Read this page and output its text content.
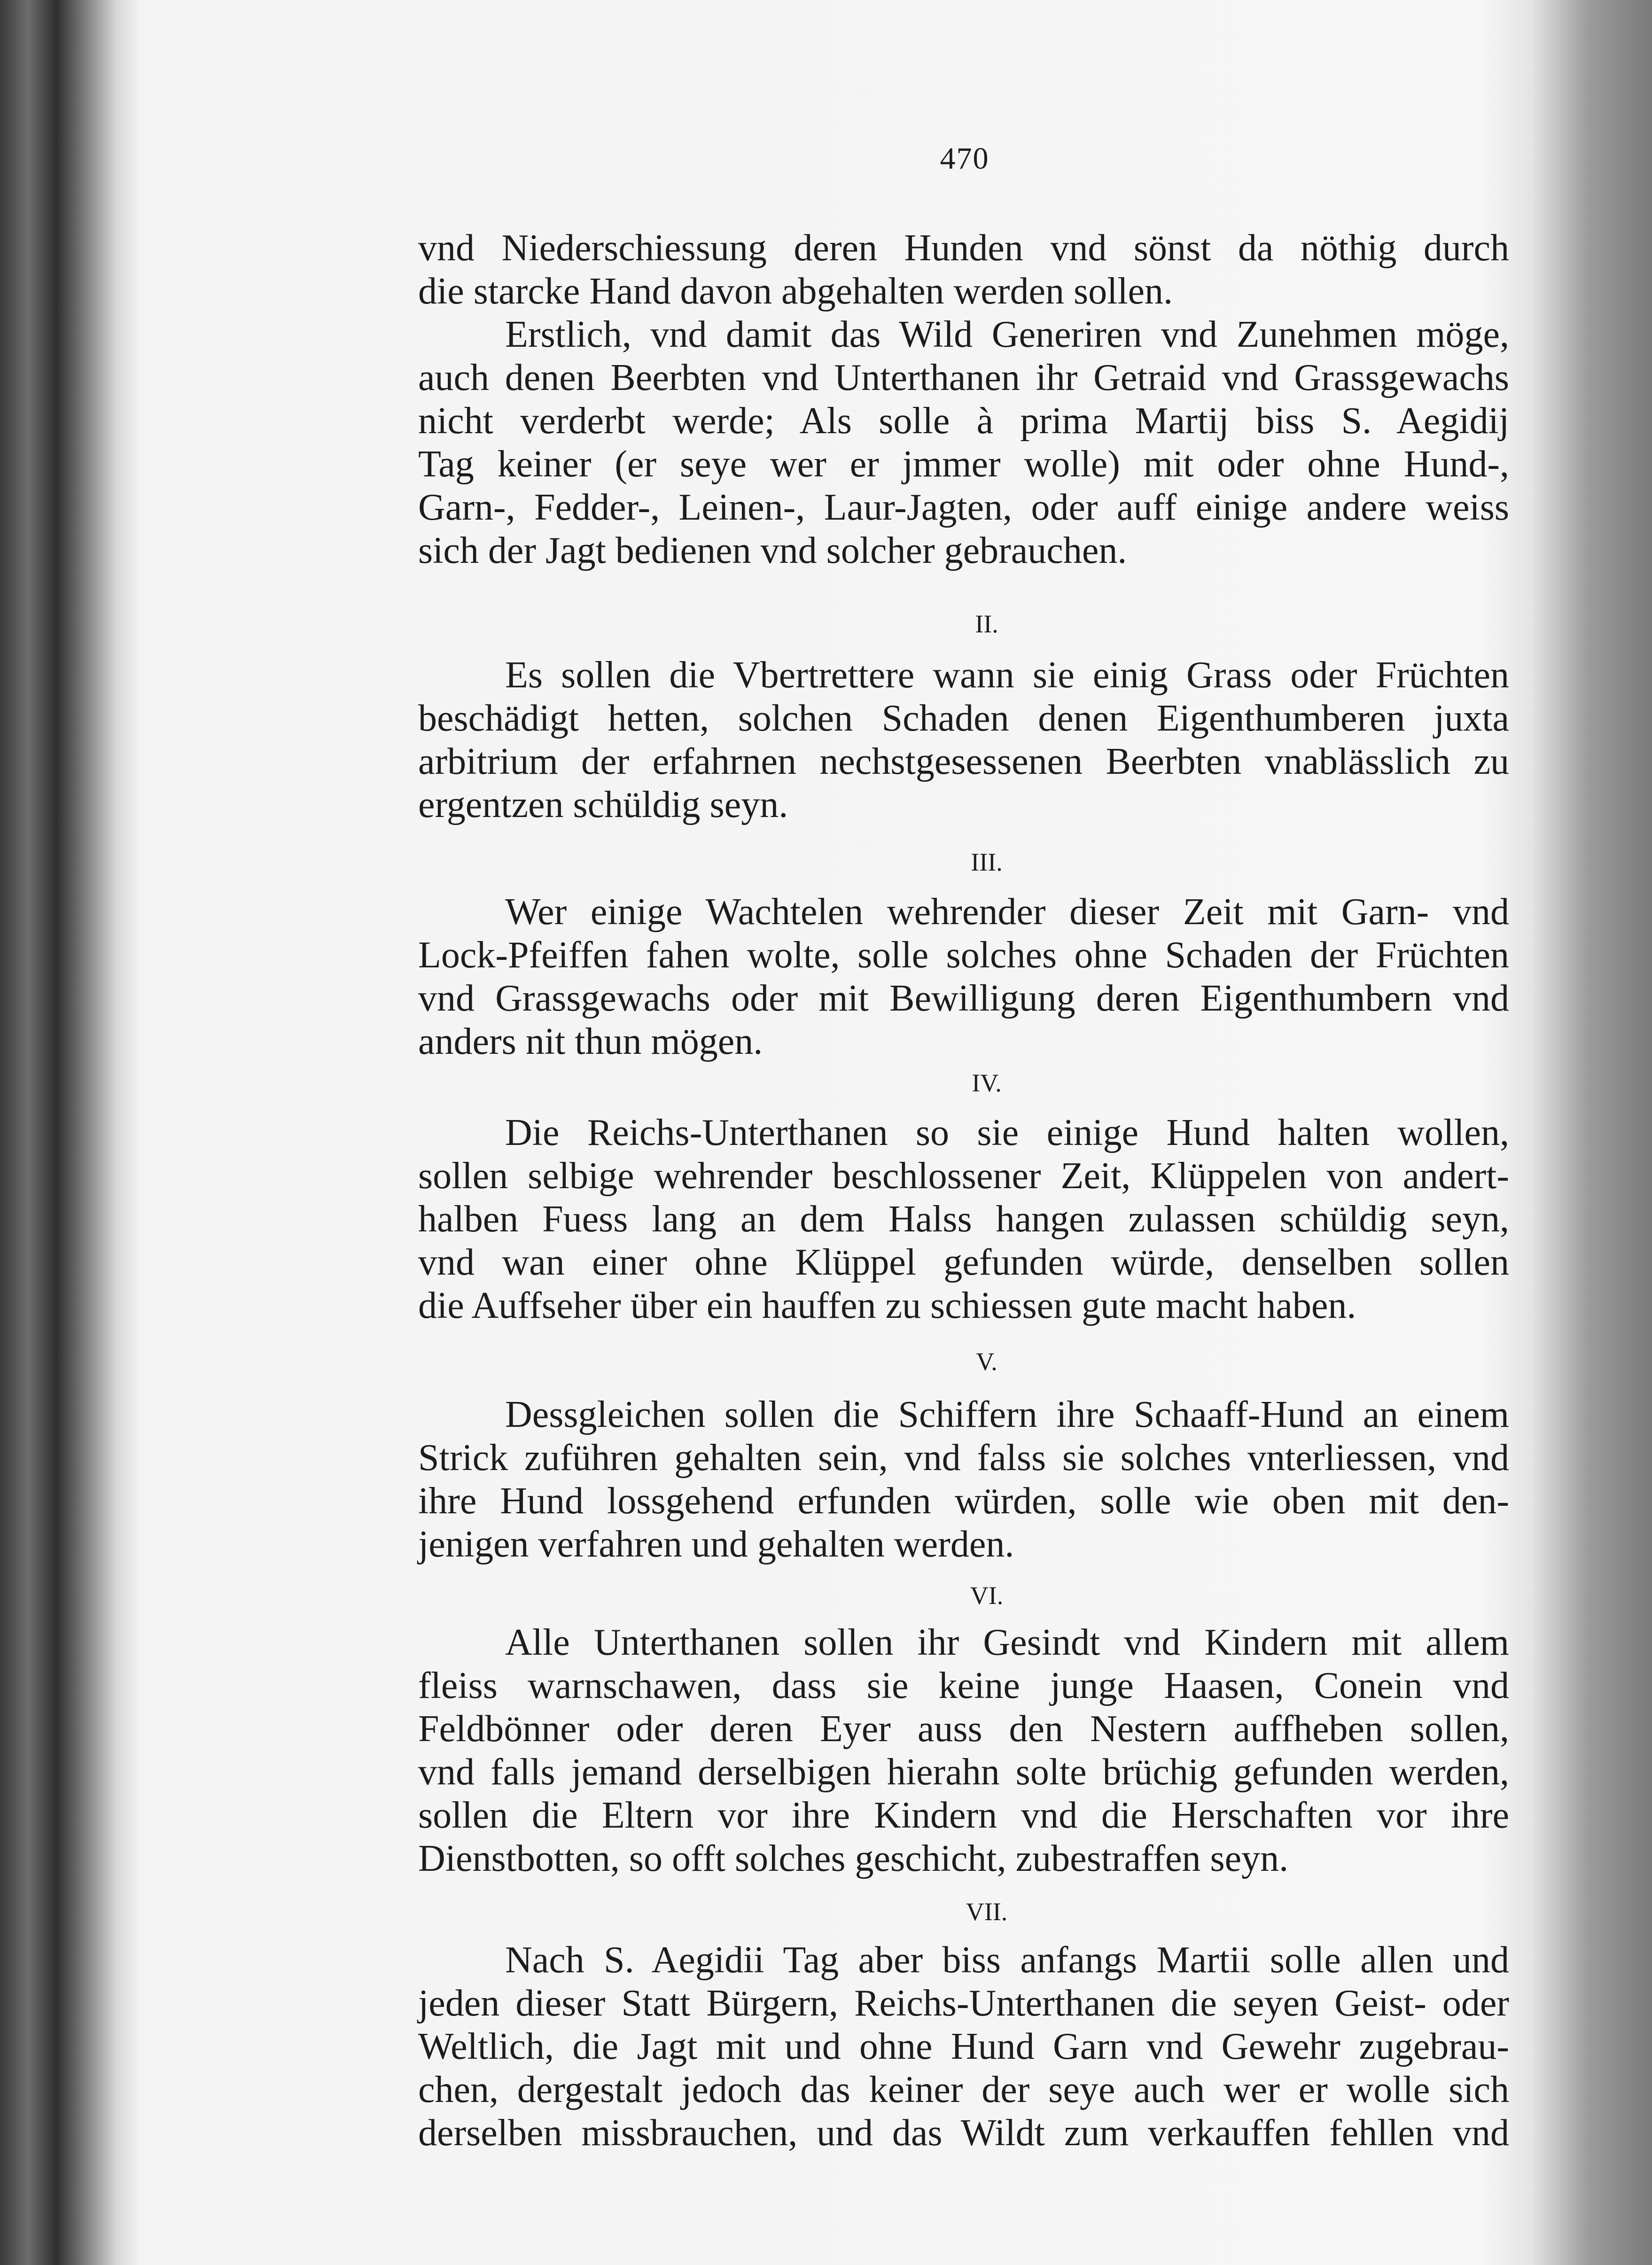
470
vnd Niederschiessung deren Hunden vnd sönst da nöthig durch
die starcke Hand davon abgehalten werden sollen.
Erstlich, vnd damit das Wild Generiren vnd Zunehmen möge,
auch denen Beerbten vnd Unterthanen ihr Getraid vnd Grassgewachs
nicht verderbt werde; Als solle à prima Martij biss S. Aegidij
Tag keiner (er seye wer er jmmer wolle) mit oder ohne Hund-,
Garn-, Fedder-, Leinen-, Laur-Jagten, oder auff einige andere weiss
sich der Jagt bedienen vnd solcher gebrauchen.
II.
Es sollen die Vbertrettere wann sie einig Grass oder Früchten
beschädigt hetten, solchen Schaden denen Eigenthumberen juxta
arbitrium der erfahrnen nechstgesessenen Beerbten vnablässlich zu
ergentzen schüldig seyn.
III.
Wer einige Wachtelen wehrender dieser Zeit mit Garn- vnd
Lock-Pfeiffen fahen wolte, solle solches ohne Schaden der Früchten
vnd Grassgewachs oder mit Bewilligung deren Eigenthumbern vnd
anders nit thun mögen.
IV.
Die Reichs-Unterthanen so sie einige Hund halten wollen,
sollen selbige wehrender beschlossener Zeit, Klüppelen von andert-
halben Fuess lang an dem Halss hangen zulassen schüldig seyn,
vnd wan einer ohne Klüppel gefunden würde, denselben sollen
die Auffseher über ein hauffen zu schiessen gute macht haben.
V.
Dessgleichen sollen die Schiffern ihre Schaaff-Hund an einem
Strick zuführen gehalten sein, vnd falss sie solches vnterliessen, vnd
ihre Hund lossgehend erfunden würden, solle wie oben mit den-
jenigen verfahren und gehalten werden.
VI.
Alle Unterthanen sollen ihr Gesindt vnd Kindern mit allem
fleiss warnschawen, dass sie keine junge Haasen, Conein vnd
Feldbönner oder deren Eyer auss den Nestern auffheben sollen,
vnd falls jemand derselbigen hierahn solte brüchig gefunden werden,
sollen die Eltern vor ihre Kindern vnd die Herschaften vor ihre
Dienstbotten, so offt solches geschicht, zubestraffen seyn.
VII.
Nach S. Aegidii Tag aber biss anfangs Martii solle allen und
jeden dieser Statt Bürgern, Reichs-Unterthanen die seyen Geist- oder
Weltlich, die Jagt mit und ohne Hund Garn vnd Gewehr zugebrau-
chen, dergestalt jedoch das keiner der seye auch wer er wolle sich
derselben missbrauchen, und das Wildt zum verkauffen fehllen vnd
